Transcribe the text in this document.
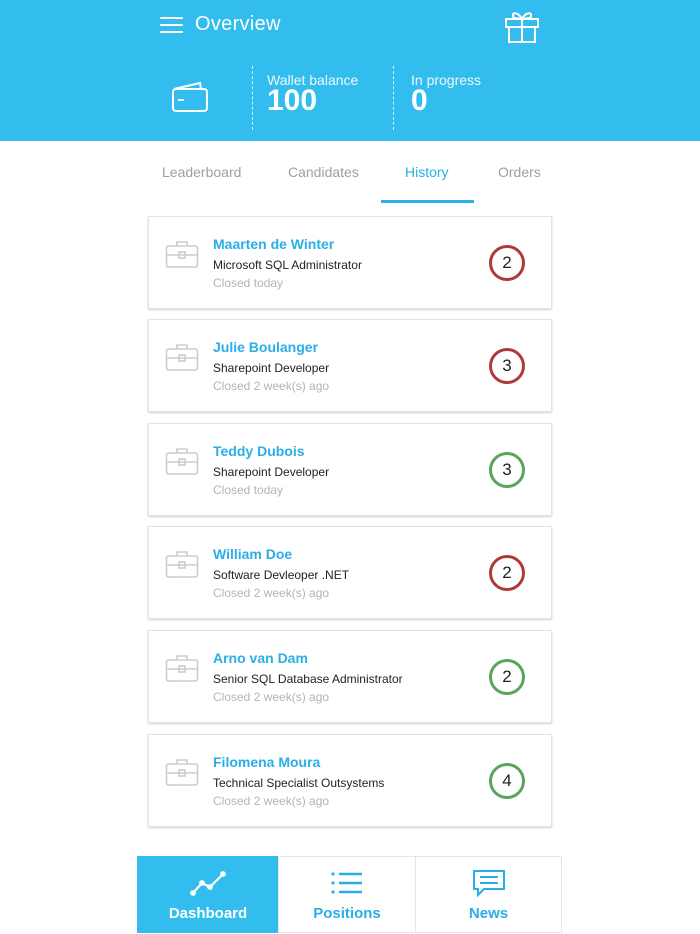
Overview
Wallet balance
100
In progress
0
Leaderboard	Candidates	History	Orders
Maarten de Winter
Microsoft SQL Administrator
Closed today
2
Julie Boulanger
Sharepoint Developer
Closed 2 week(s) ago
3
Teddy Dubois
Sharepoint Developer
Closed today
3
William Doe
Software Devleoper .NET
Closed 2 week(s) ago
2
Arno van Dam
Senior SQL Database Administrator
Closed 2 week(s) ago
2
Filomena Moura
Technical Specialist Outsystems
Closed 2 week(s) ago
4
Dashboard	Positions	News
